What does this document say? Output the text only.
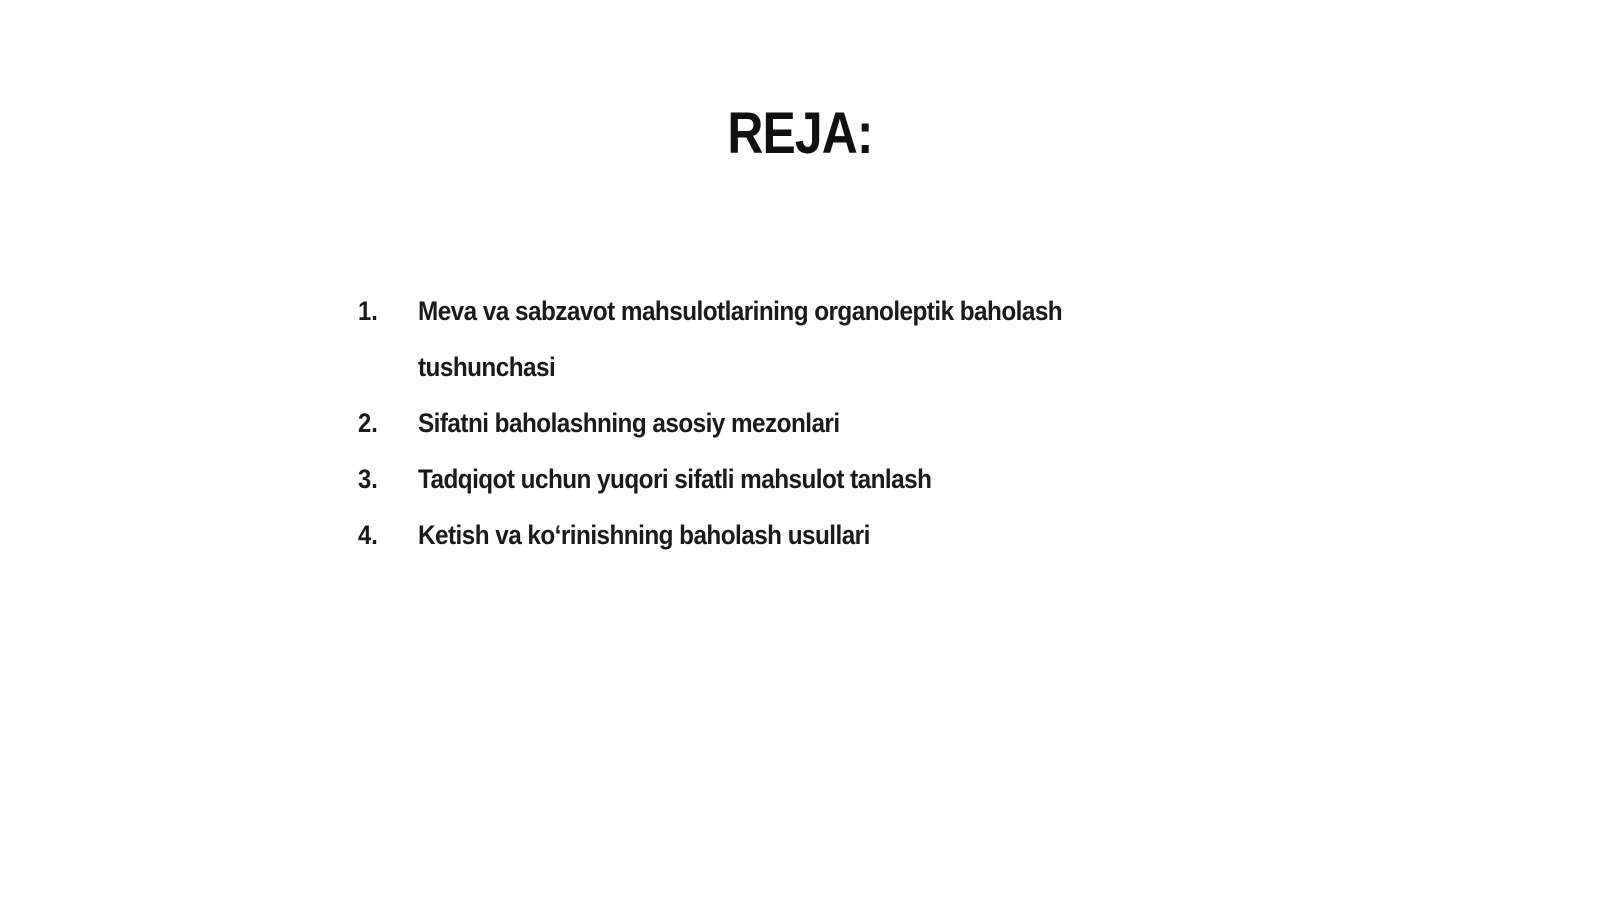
REJA:
1.	Meva va sabzavot mahsulotlarining organoleptik baholash tushunchasi
2.	Sifatni baholashning asosiy mezonlari
3.	Tadqiqot uchun yuqori sifatli mahsulot tanlash
4.	Ketish va ko‘rinishning baholash usullari
